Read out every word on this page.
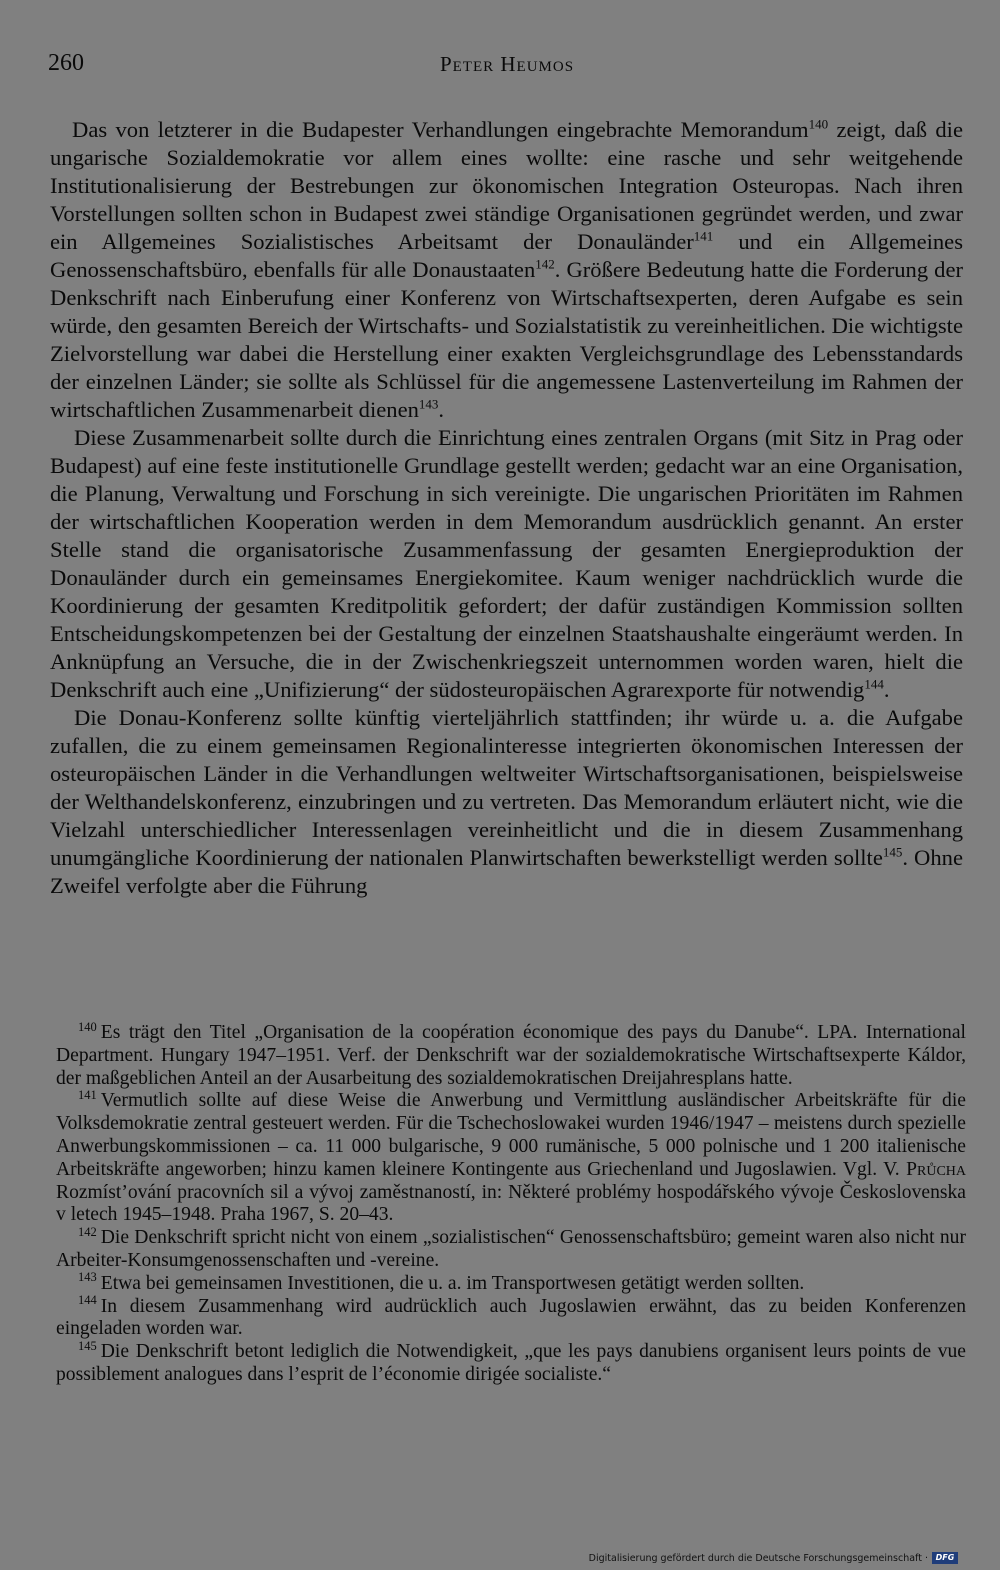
260	Peter Heumos

Das von letzterer in die Budapester Verhandlungen eingebrachte Memorandum$^{140}$ zeigt, daß die ungarische Sozialdemokratie vor allem eines wollte: eine rasche und sehr weitgehende Institutionalisierung der Bestrebungen zur ökonomischen Integration Osteuropas. Nach ihren Vorstellungen sollten schon in Budapest zwei ständige Organisationen gegründet werden, und zwar ein Allgemeines Sozialistisches Arbeitsamt der Donauländer$^{141}$ und ein Allgemeines Genossenschaftsbüro, ebenfalls für alle Donaustaaten$^{142}$. Größere Bedeutung hatte die Forderung der Denkschrift nach Einberufung einer Konferenz von Wirtschaftsexperten, deren Aufgabe es sein würde, den gesamten Bereich der Wirtschafts- und Sozialstatistik zu vereinheitlichen. Die wichtigste Zielvorstellung war dabei die Herstellung einer exakten Vergleichsgrundlage des Lebensstandards der einzelnen Länder; sie sollte als Schlüssel für die angemessene Lastenverteilung im Rahmen der wirtschaftlichen Zusammenarbeit dienen$^{143}$.

Diese Zusammenarbeit sollte durch die Einrichtung eines zentralen Organs (mit Sitz in Prag oder Budapest) auf eine feste institutionelle Grundlage gestellt werden; gedacht war an eine Organisation, die Planung, Verwaltung und Forschung in sich vereinigte. Die ungarischen Prioritäten im Rahmen der wirtschaftlichen Kooperation werden in dem Memorandum ausdrücklich genannt. An erster Stelle stand die organisatorische Zusammenfassung der gesamten Energieproduktion der Donauländer durch ein gemeinsames Energiekomitee. Kaum weniger nachdrücklich wurde die Koordinierung der gesamten Kreditpolitik gefordert; der dafür zuständigen Kommission sollten Entscheidungskompetenzen bei der Gestaltung der einzelnen Staatshaushalte eingeräumt werden. In Anknüpfung an Versuche, die in der Zwischenkriegszeit unternommen worden waren, hielt die Denkschrift auch eine „Unifizierung“ der südosteuropäischen Agrarexporte für notwendig$^{144}$.

Die Donau-Konferenz sollte künftig vierteljährlich stattfinden; ihr würde u. a. die Aufgabe zufallen, die zu einem gemeinsamen Regionalinteresse integrierten ökonomischen Interessen der osteuropäischen Länder in die Verhandlungen weltweiter Wirtschaftsorganisationen, beispielsweise der Welthandelskonferenz, einzubringen und zu vertreten. Das Memorandum erläutert nicht, wie die Vielzahl unterschiedlicher Interessenlagen vereinheitlicht und die in diesem Zusammenhang unumgängliche Koordinierung der nationalen Planwirtschaften bewerkstelligt werden sollte$^{145}$. Ohne Zweifel verfolgte aber die Führung

$^{140}$ Es trägt den Titel „Organisation de la coopération économique des pays du Danube“. LPA. International Department. Hungary 1947–1951. Verf. der Denkschrift war der sozialdemokratische Wirtschaftsexperte Káldor, der maßgeblichen Anteil an der Ausarbeitung des sozialdemokratischen Dreijahresplans hatte.

$^{141}$ Vermutlich sollte auf diese Weise die Anwerbung und Vermittlung ausländischer Arbeitskräfte für die Volksdemokratie zentral gesteuert werden. Für die Tschechoslowakei wurden 1946/1947 – meistens durch spezielle Anwerbungskommissionen – ca. 11 000 bulgarische, 9 000 rumänische, 5 000 polnische und 1 200 italienische Arbeitskräfte angeworben; hinzu kamen kleinere Kontingente aus Griechenland und Jugoslawien. Vgl. V. Průcha Rozmíst’ování pracovních sil a vývoj zaměstnaností, in: Některé problémy hospodářského vývoje Československa v letech 1945–1948. Praha 1967, S. 20–43.

$^{142}$ Die Denkschrift spricht nicht von einem „sozialistischen“ Genossenschaftsbüro; gemeint waren also nicht nur Arbeiter-Konsumgenossenschaften und -vereine.

$^{143}$ Etwa bei gemeinsamen Investitionen, die u. a. im Transportwesen getätigt werden sollten.

$^{144}$ In diesem Zusammenhang wird audrücklich auch Jugoslawien erwähnt, das zu beiden Konferenzen eingeladen worden war.

$^{145}$ Die Denkschrift betont lediglich die Notwendigkeit, „que les pays danubiens organisent leurs points de vue possiblement analogues dans l’esprit de l’économie dirigée socialiste.“

Digitalisierung gefördert durch die Deutsche Forschungsgemeinschaft · DFG
